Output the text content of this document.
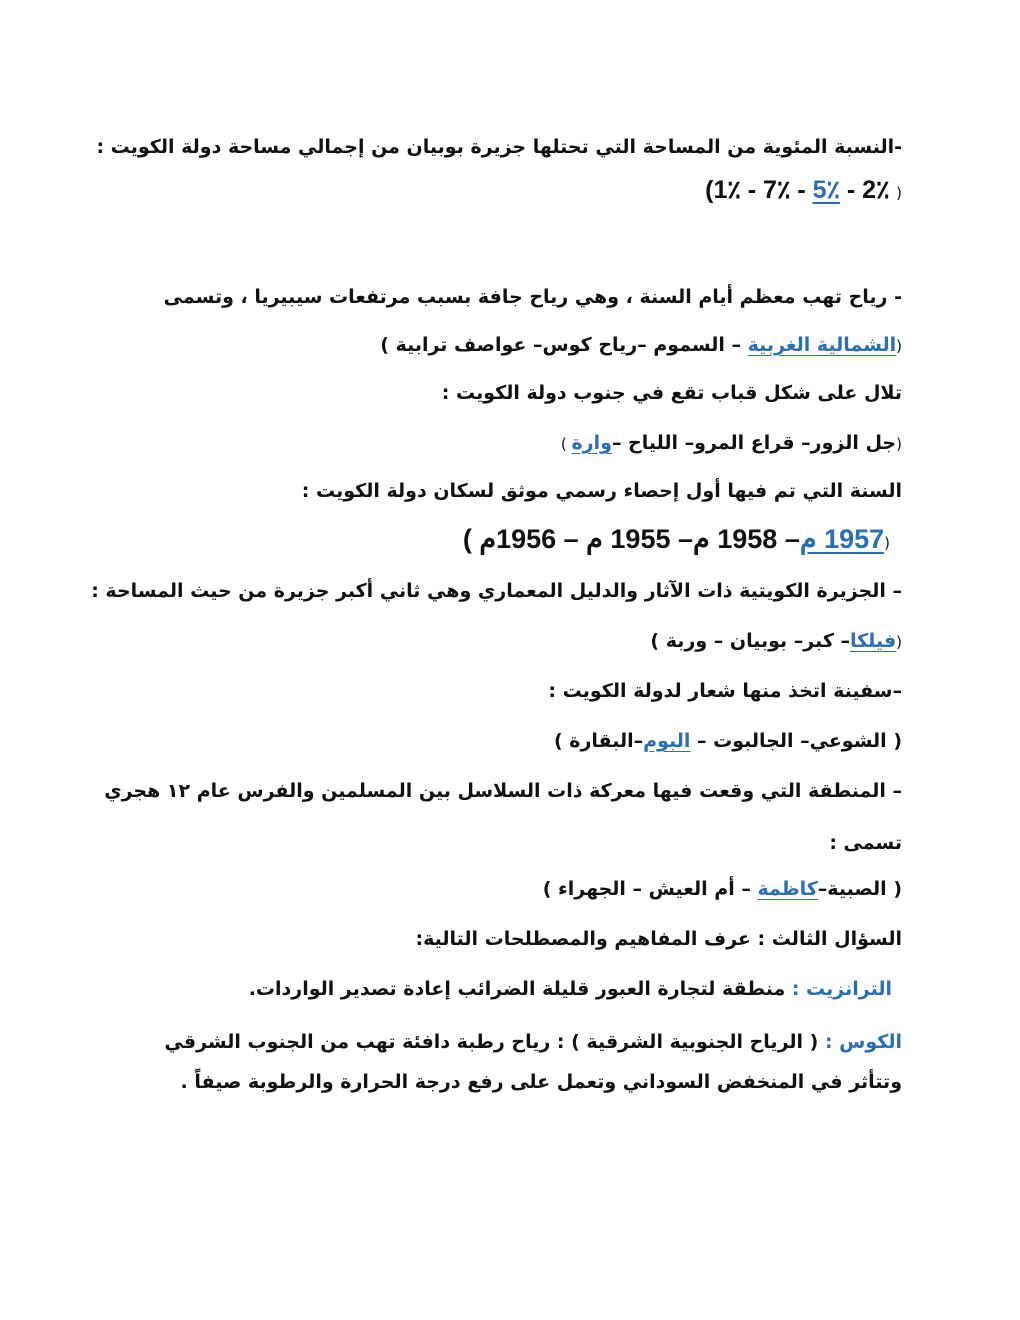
-النسبة المئوية من المساحة التي تحتلها جزيرة بوبيان من إجمالي مساحة دولة الكويت :
( 2٪ - 5٪ - 7٪ - 1٪)
- رياح تهب معظم أيام السنة ، وهي رياح جافة بسبب مرتفعات سيبيريا ، وتسمى
(الشمالية الغربية – السموم –رياح كوس– عواصف ترابية )
تلال على شكل قباب تقع في جنوب دولة الكويت :
(جل الزور– قراع المرو– اللياح –وارة )
السنة التي تم فيها أول إحصاء رسمي موثق لسكان دولة الكويت :
(1957 م– 1958 م– 1955 م – 1956م )
– الجزيرة الكويتية ذات الآثار والدليل المعماري وهي ثاني أكبر جزيرة من حيث المساحة :
(فيلكا– كبر– بوبيان – وربة )
–سفينة اتخذ منها شعار لدولة الكويت :
( الشوعي– الجالبوت – البوم–البقارة )
– المنطقة التي وقعت فيها معركة ذات السلاسل بين المسلمين والفرس عام ١٢ هجري
تسمى :
( الصبية–كاظمة – أم العيش – الجهراء )
السؤال الثالث : عرف المفاهيم والمصطلحات التالية:
الترانزيت : منطقة لتجارة العبور قليلة الضرائب إعادة تصدير الواردات.
الكوس : ( الرياح الجنوبية الشرقية ) : رياح رطبة دافئة تهب من الجنوب الشرقي وتتأثر في المنخفض السوداني وتعمل على رفع درجة الحرارة والرطوبة صيفاً .
